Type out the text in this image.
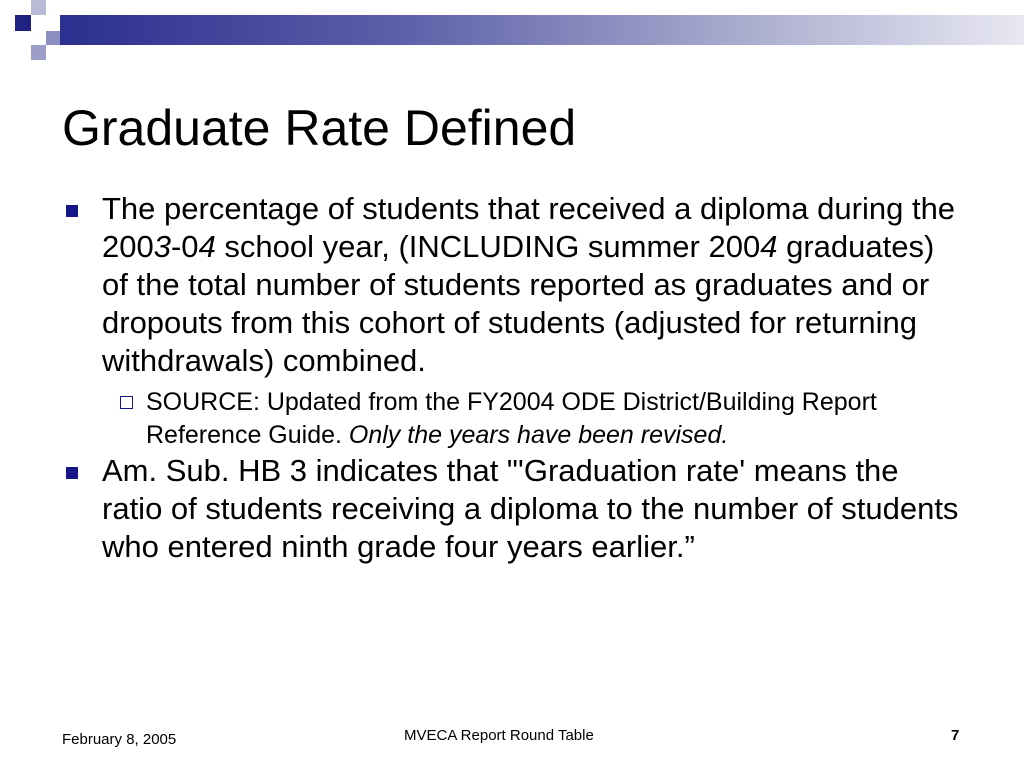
Graduate Rate Defined
The percentage of students that received a diploma during the 2003-04 school year, (INCLUDING summer 2004 graduates) of the total number of students reported as graduates and or dropouts from this cohort of students (adjusted for returning withdrawals) combined.
SOURCE: Updated from the FY2004 ODE District/Building Report Reference Guide. Only the years have been revised.
Am. Sub. HB 3 indicates that "'Graduation rate' means the ratio of students receiving a diploma to the number of students who entered ninth grade four years earlier.”
February 8, 2005	MVECA Report Round Table	7
